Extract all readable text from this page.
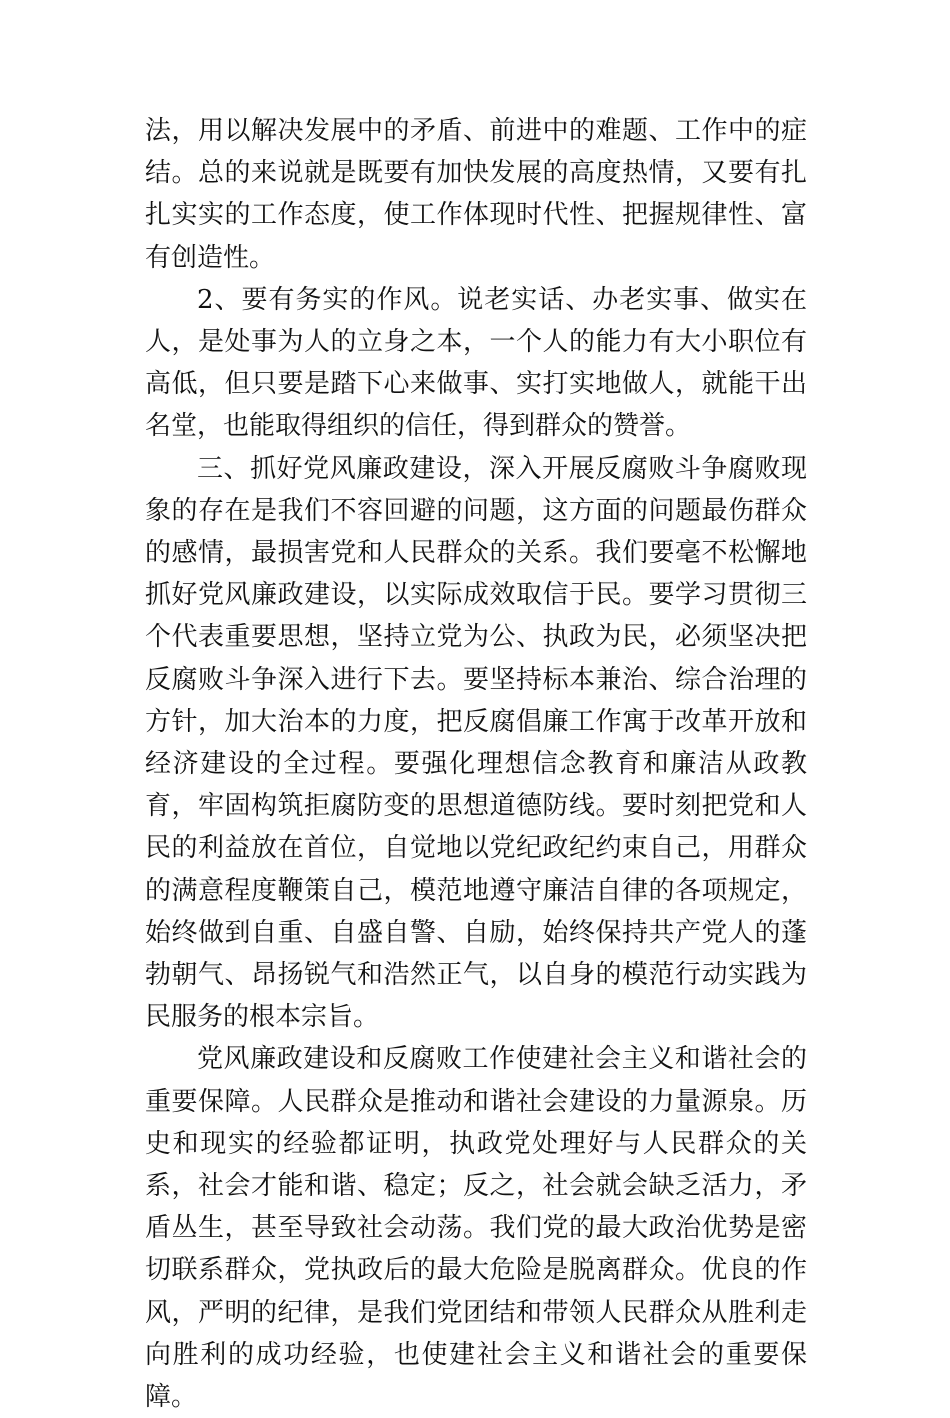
法，用以解决发展中的矛盾、前进中的难题、工作中的症结。总的来说就是既要有加快发展的高度热情，又要有扎扎实实的工作态度，使工作体现时代性、把握规律性、富有创造性。

2、要有务实的作风。说老实话、办老实事、做实在人，是处事为人的立身之本，一个人的能力有大小职位有高低，但只要是踏下心来做事、实打实地做人，就能干出名堂，也能取得组织的信任，得到群众的赞誉。

三、抓好党风廉政建设，深入开展反腐败斗争腐败现象的存在是我们不容回避的问题，这方面的问题最伤群众的感情，最损害党和人民群众的关系。我们要毫不松懈地抓好党风廉政建设，以实际成效取信于民。要学习贯彻三个代表重要思想，坚持立党为公、执政为民，必须坚决把反腐败斗争深入进行下去。要坚持标本兼治、综合治理的方针，加大治本的力度，把反腐倡廉工作寓于改革开放和经济建设的全过程。要强化理想信念教育和廉洁从政教育，牢固构筑拒腐防变的思想道德防线。要时刻把党和人民的利益放在首位，自觉地以党纪政纪约束自己，用群众的满意程度鞭策自己，模范地遵守廉洁自律的各项规定，始终做到自重、自盛自警、自励，始终保持共产党人的蓬勃朝气、昂扬锐气和浩然正气，以自身的模范行动实践为民服务的根本宗旨。

党风廉政建设和反腐败工作使建社会主义和谐社会的重要保障。人民群众是推动和谐社会建设的力量源泉。历史和现实的经验都证明，执政党处理好与人民群众的关系，社会才能和谐、稳定；反之，社会就会缺乏活力，矛盾丛生，甚至导致社会动荡。我们党的最大政治优势是密切联系群众，党执政后的最大危险是脱离群众。优良的作风，严明的纪律，是我们党团结和带领人民群众从胜利走向胜利的成功经验，也使建社会主义和谐社会的重要保障。
